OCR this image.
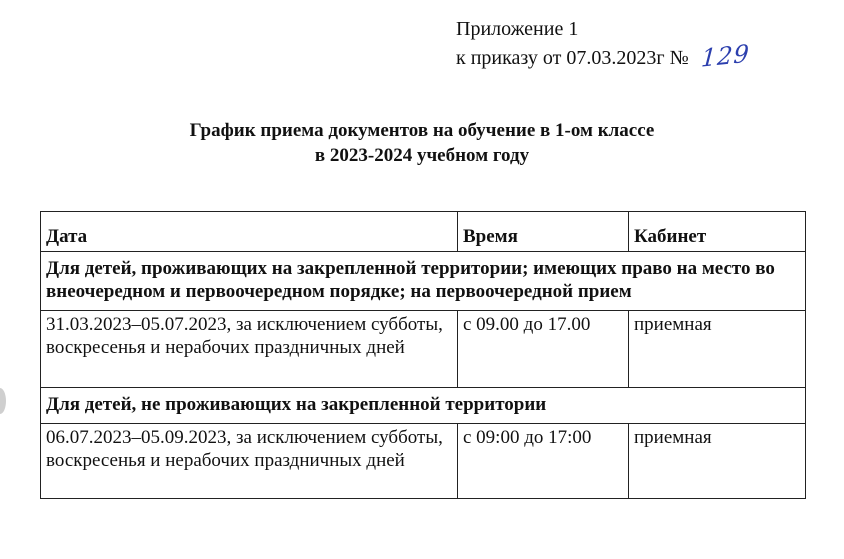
Приложение 1
к приказу от 07.03.2023г № 129
График приема документов на обучение в 1-ом классе
в 2023-2024 учебном году
Дата	Время	Кабинет
Для детей, проживающих на закрепленной территории; имеющих право на место во внеочередном и первоочередном порядке; на первоочередной прием		
31.03.2023–05.07.2023, за исключением субботы, воскресенья и нерабочих праздничных дней	с 09.00 до 17.00	приемная
Для детей, не проживающих на закрепленной территории		
06.07.2023–05.09.2023, за исключением субботы, воскресенья и нерабочих праздничных дней	с 09:00 до 17:00	приемная
